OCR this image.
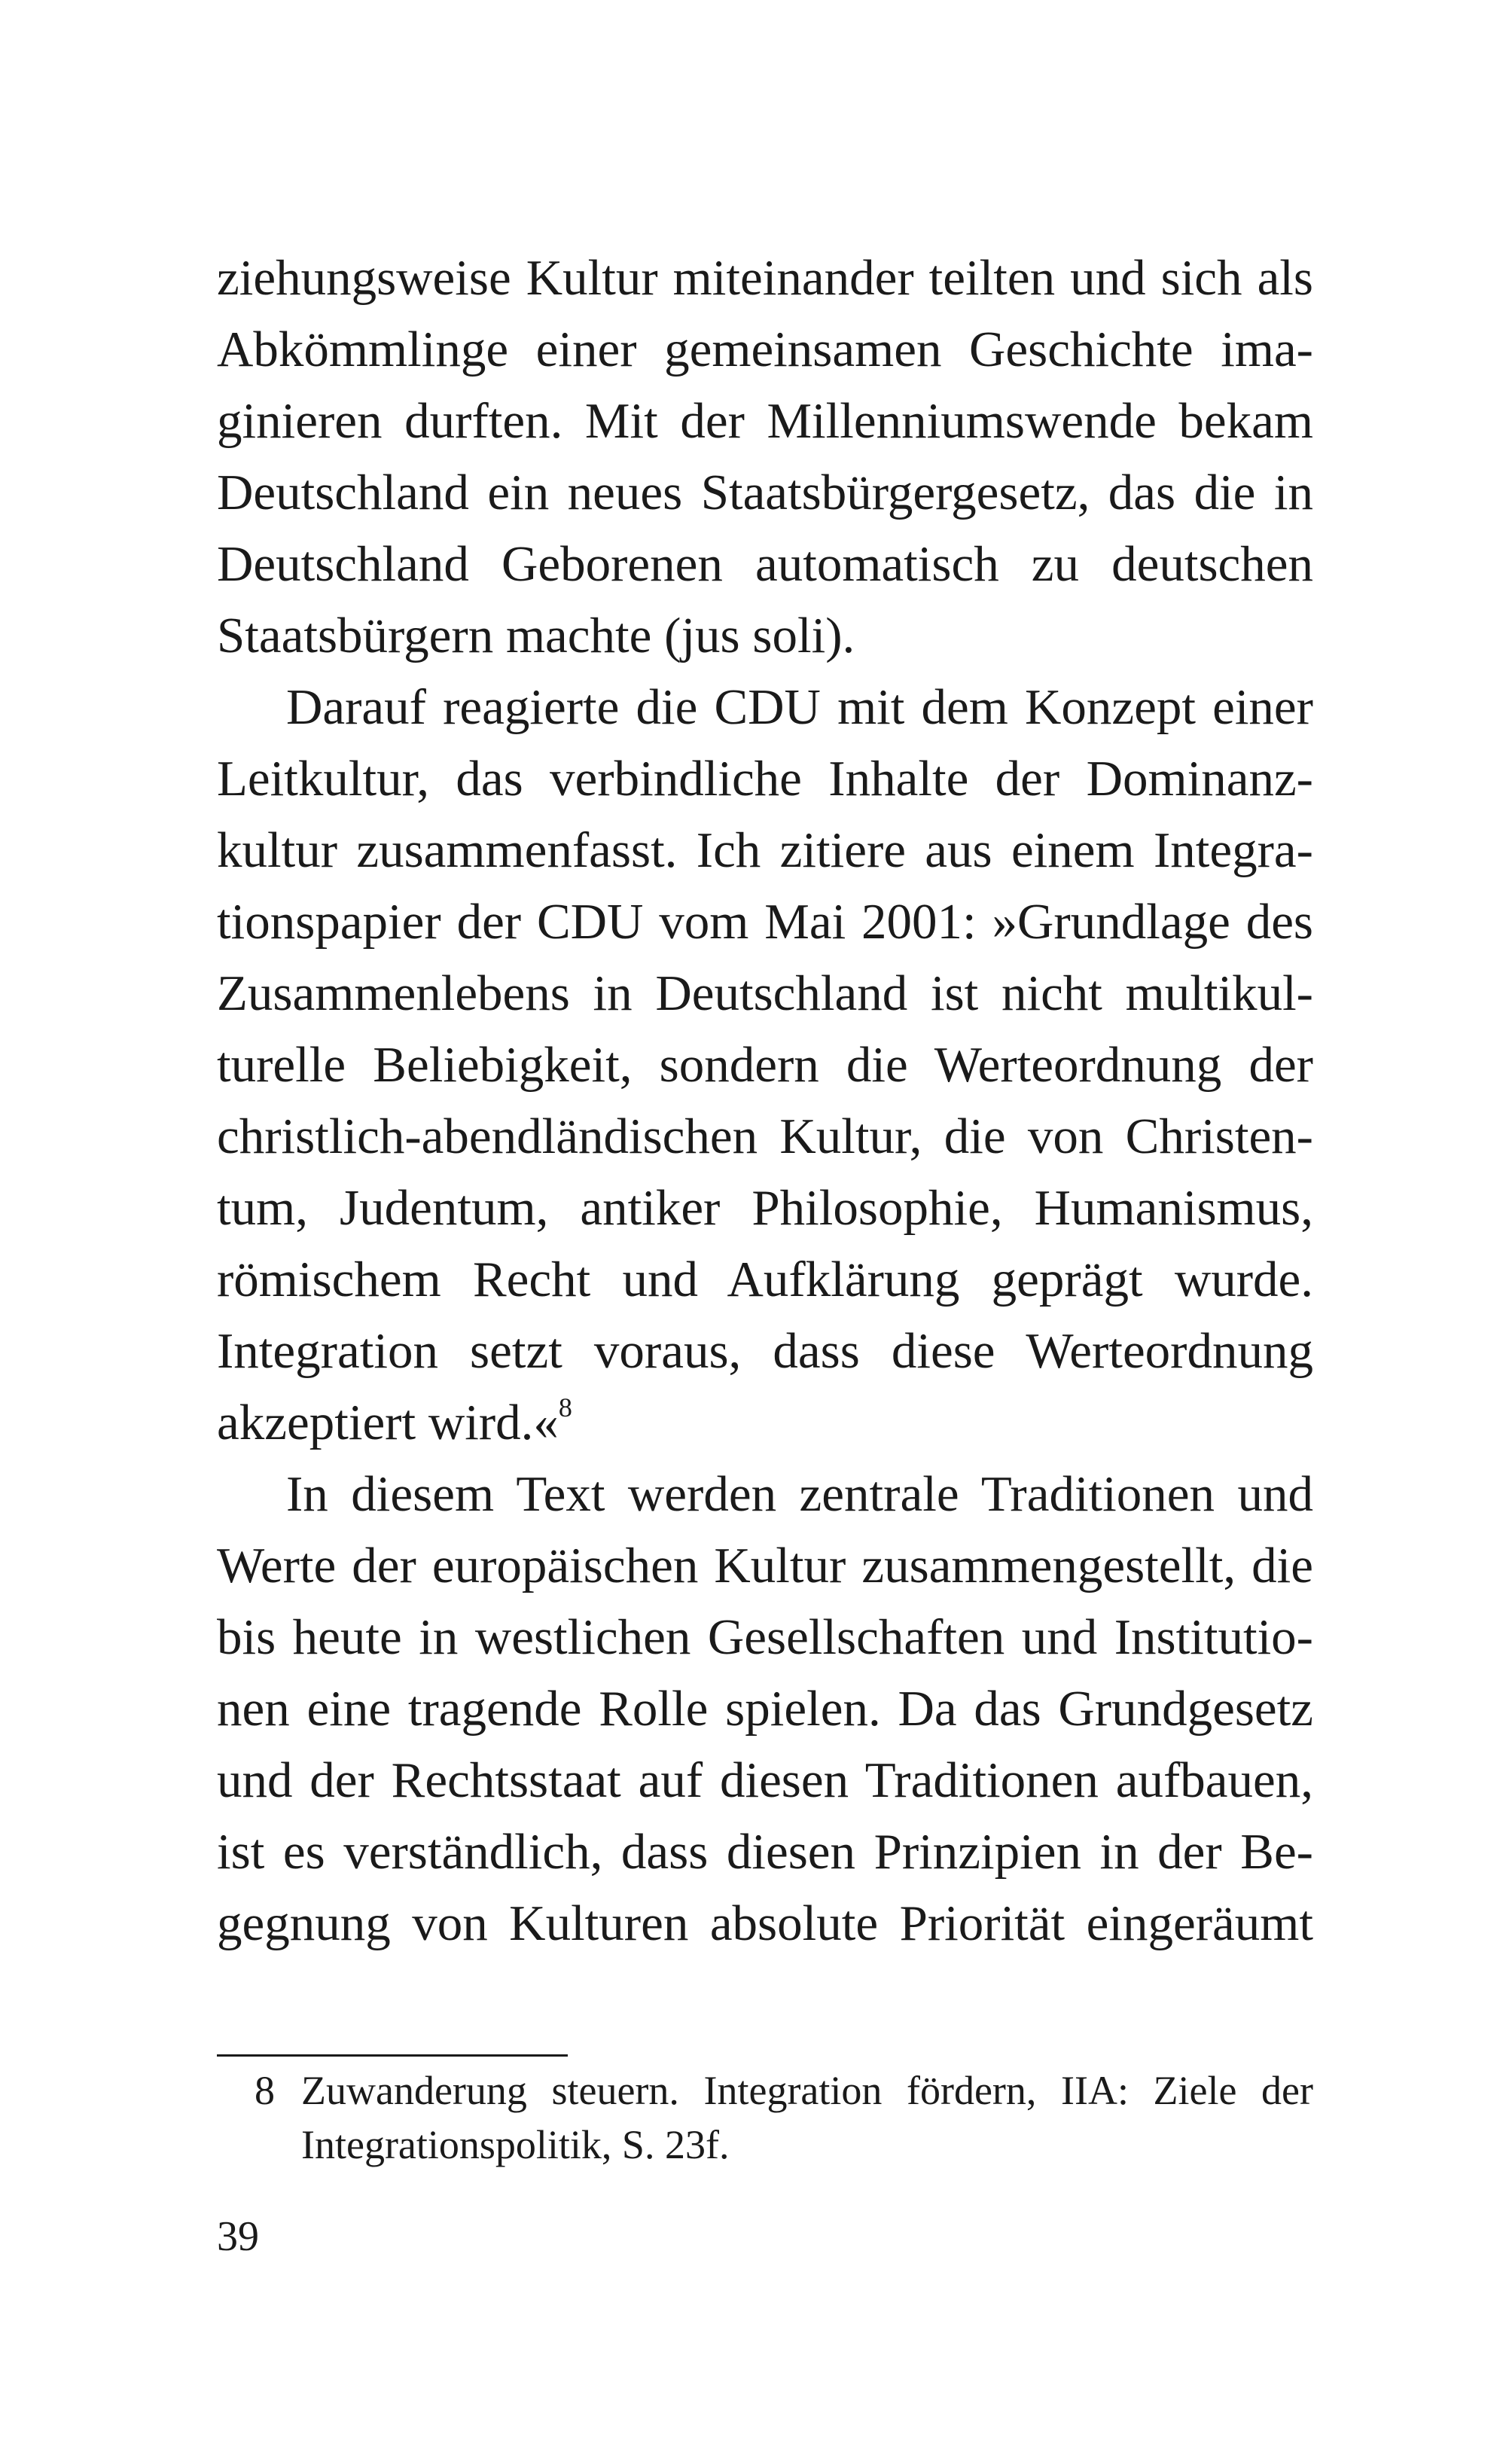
ziehungsweise Kultur miteinander teilten und sich als
Abkömmlinge einer gemeinsamen Geschichte ima-
ginieren durften. Mit der Millenniumswende bekam
Deutschland ein neues Staatsbürgergesetz, das die in
Deutschland Geborenen automatisch zu deutschen
Staatsbürgern machte (jus soli).
Darauf reagierte die CDU mit dem Konzept einer
Leitkultur, das verbindliche Inhalte der Dominanz-
kultur zusammenfasst. Ich zitiere aus einem Integra-
tionspapier der CDU vom Mai 2001: »Grundlage des
Zusammenlebens in Deutschland ist nicht multikul-
turelle Beliebigkeit, sondern die Werteordnung der
christlich-abendländischen Kultur, die von Christen-
tum, Judentum, antiker Philosophie, Humanismus,
römischem Recht und Aufklärung geprägt wurde.
Integration setzt voraus, dass diese Werteordnung
akzeptiert wird.«$^8$
In diesem Text werden zentrale Traditionen und
Werte der europäischen Kultur zusammengestellt, die
bis heute in westlichen Gesellschaften und Institutio-
nen eine tragende Rolle spielen. Da das Grundgesetz
und der Rechtsstaat auf diesen Traditionen aufbauen,
ist es verständlich, dass diesen Prinzipien in der Be-
gegnung von Kulturen absolute Priorität eingeräumt
8 Zuwanderung steuern. Integration fördern, IIA: Ziele der
Integrationspolitik, S. 23f.
39
